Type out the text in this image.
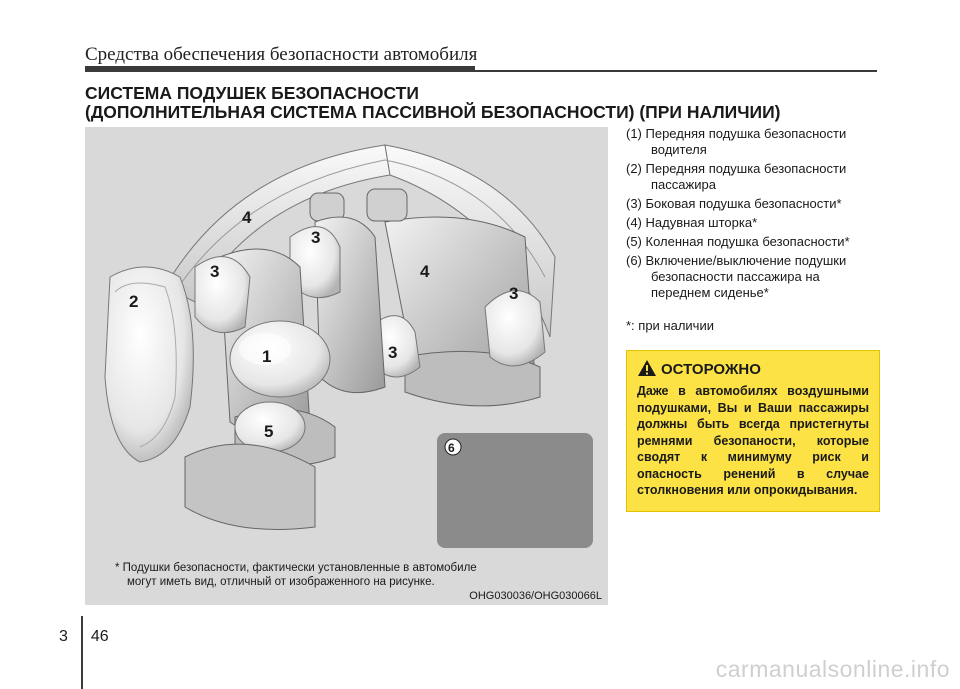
Средства обеспечения безопасности автомобиля
СИСТЕМА ПОДУШЕК БЕЗОПАСНОСТИ
(ДОПОЛНИТЕЛЬНАЯ СИСТЕМА ПАССИВНОЙ БЕЗОПАСНОСТИ) (ПРИ НАЛИЧИИ)
1
2
3
3
3
3
4
4
5
6
* Подушки безопасности, фактически установленные в автомобиле
могут иметь вид, отличный от изображенного на рисунке.
OHG030036/OHG030066L
(1) Передняя подушка безопасности
водителя
(2) Передняя подушка безопасности
пассажира
(3) Боковая подушка безопасности*
(4) Надувная шторка*
(5) Коленная подушка безопасности*
(6) Включение/выключение подушки
безопасности пассажира на
переднем сиденье*
*: при наличии
ОСТОРОЖНО
Даже в автомобилях воздушными подушками, Вы и Ваши пассажиры должны быть всегда пристегнуты ремнями безопаности, которые сводят к минимуму риск и опасность ренений в случае столкновения или опрокидывания.
3 46
carmanualsonline.info
